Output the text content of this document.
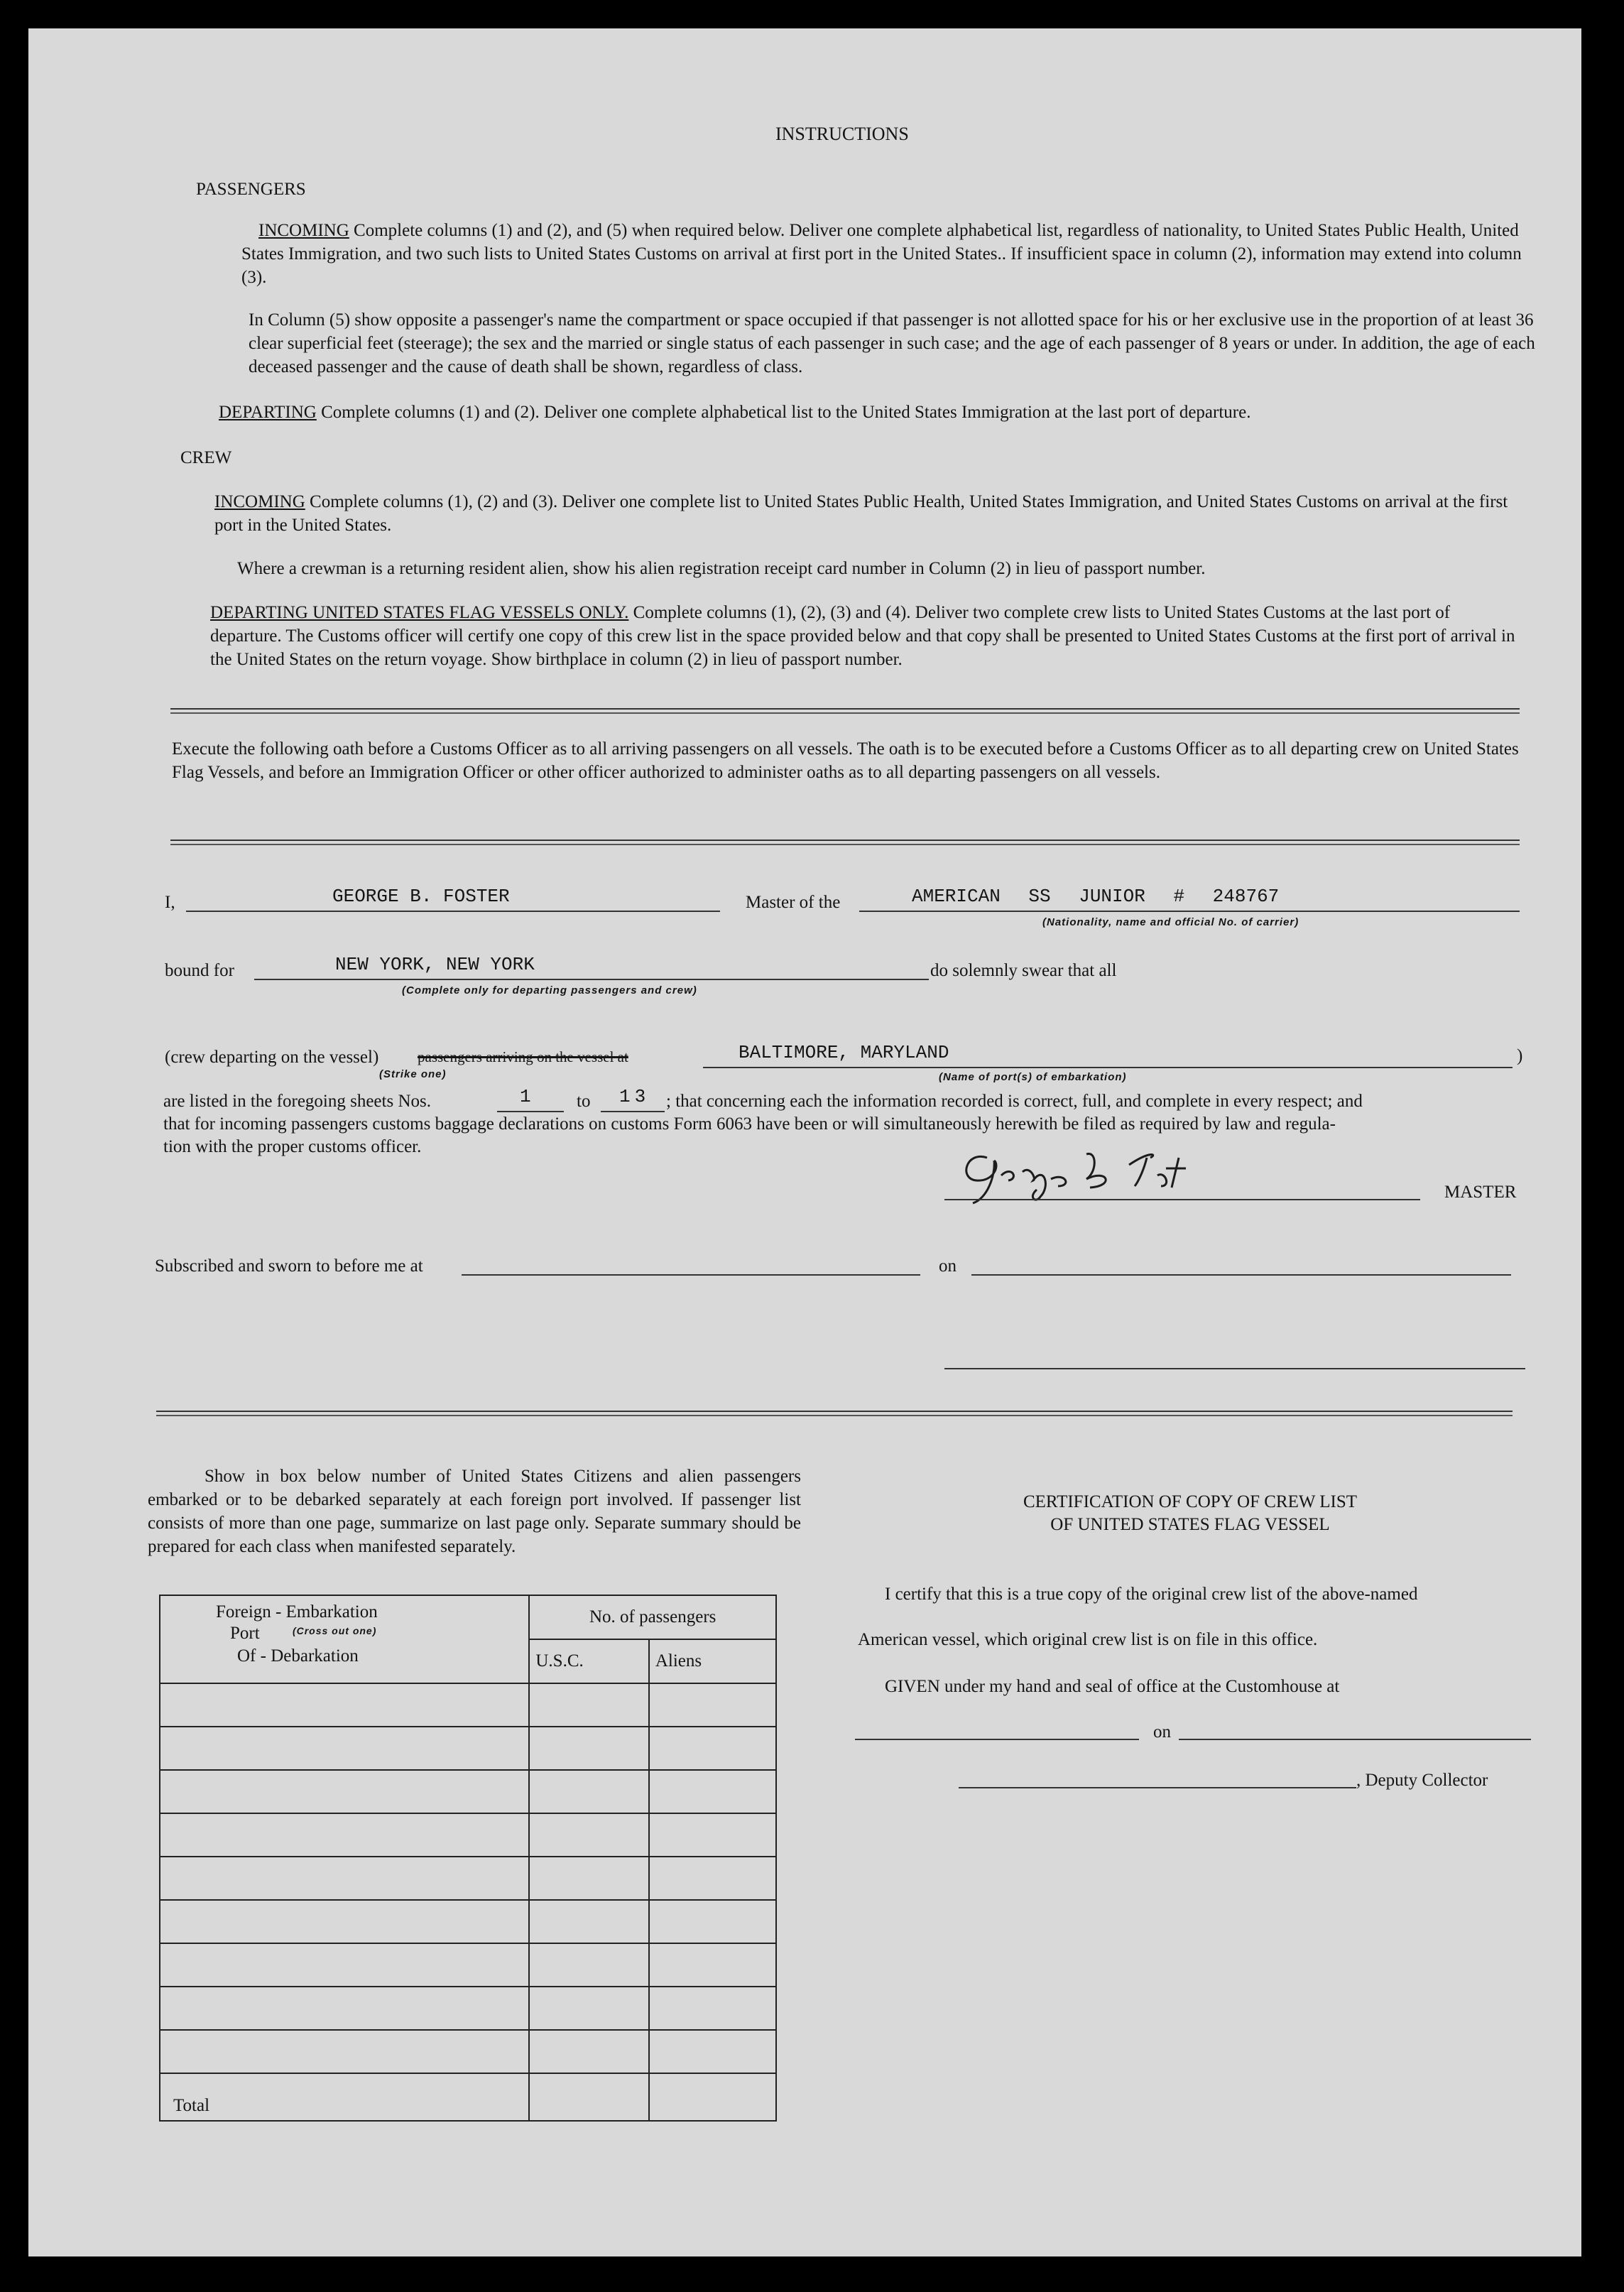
INSTRUCTIONS
PASSENGERS
INCOMING Complete columns (1) and (2), and (5) when required below. Deliver one complete alphabetical list, regardless of nationality, to United States Public Health, United States Immigration, and two such lists to United States Customs on arrival at first port in the United States.. If insufficient space in column (2), information may extend into column (3).
In Column (5) show opposite a passenger's name the compartment or space occupied if that passenger is not allotted space for his or her exclusive use in the proportion of at least 36 clear superficial feet (steerage); the sex and the married or single status of each passenger in such case; and the age of each passenger of 8 years or under. In addition, the age of each deceased passenger and the cause of death shall be shown, regardless of class.
DEPARTING Complete columns (1) and (2). Deliver one complete alphabetical list to the United States Immigration at the last port of departure.
CREW
INCOMING Complete columns (1), (2) and (3). Deliver one complete list to United States Public Health, United States Immigration, and United States Customs on arrival at the first port in the United States.
Where a crewman is a returning resident alien, show his alien registration receipt card number in Column (2) in lieu of passport number.
DEPARTING UNITED STATES FLAG VESSELS ONLY. Complete columns (1), (2), (3) and (4). Deliver two complete crew lists to United States Customs at the last port of departure. The Customs officer will certify one copy of this crew list in the space provided below and that copy shall be presented to United States Customs at the first port of arrival in the United States on the return voyage. Show birthplace in column (2) in lieu of passport number.
Execute the following oath before a Customs Officer as to all arriving passengers on all vessels. The oath is to be executed before a Customs Officer as to all departing crew on United States Flag Vessels, and before an Immigration Officer or other officer authorized to administer oaths as to all departing passengers on all vessels.
I,	GEORGE B. FOSTER	Master of the	AMERICAN SS JUNIOR # 248767
(Nationality, name and official No. of carrier)
bound for	NEW YORK, NEW YORK
(Complete only for departing passengers and crew)
do solemnly swear that all
(crew departing on the vessel)	passengers arriving on the vessel at
(Strike one)
BALTIMORE, MARYLAND
(Name of port(s) of embarkation)
)
are listed in the foregoing sheets Nos.	1	to 13 ; that concerning each the information recorded is correct, full, and complete in every respect; and
that for incoming passengers customs baggage declarations on customs Form 6063 have been or will simultaneously herewith be filed as required by law and regula-
tion with the proper customs officer.
MASTER
Subscribed and sworn to before me at	on
Show in box below number of United States Citizens and alien passengers embarked or to be debarked separately at each foreign port involved. If passenger list consists of more than one page, summarize on last page only. Separate summary should be prepared for each class when manifested separately.
Foreign - Embarkation
Port $^{(Cross out one)}$
Of - Debarkation	No. of passengers	
	U.S.C.	Aliens

Total		
CERTIFICATION OF COPY OF CREW LIST
OF UNITED STATES FLAG VESSEL
I certify that this is a true copy of the original crew list of the above-named
American vessel, which original crew list is on file in this office.
GIVEN under my hand and seal of office at the Customhouse at
on
, Deputy Collector
